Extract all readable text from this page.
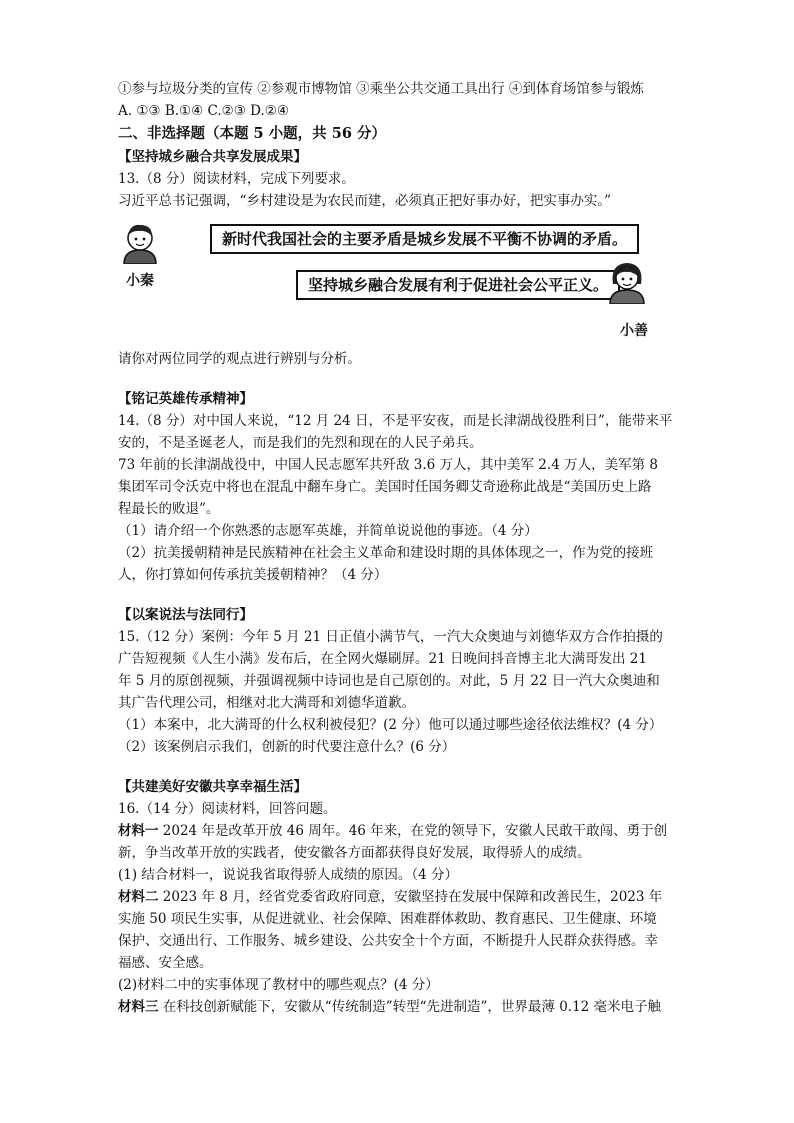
①参与垃圾分类的宣传 ②参观市博物馆 ③乘坐公共交通工具出行 ④到体育场馆参与锻炼
A. ①③ B.①④ C.②③ D.②④
二、非选择题（本题 5 小题，共 56 分）
【坚持城乡融合共享发展成果】
13.（8 分）阅读材料，完成下列要求。
习近平总书记强调，“乡村建设是为农民而建，必须真正把好事办好，把实事办实。”
小秦
新时代我国社会的主要矛盾是城乡发展不平衡不协调的矛盾。
坚持城乡融合发展有利于促进社会公平正义。
小善
请你对两位同学的观点进行辨别与分析。
【铭记英雄传承精神】
14.（8 分）对中国人来说，“12 月 24 日，不是平安夜，而是长津湖战役胜利日”，能带来平
安的，不是圣诞老人，而是我们的先烈和现在的人民子弟兵。
73 年前的长津湖战役中，中国人民志愿军共歼敌 3.6 万人，其中美军 2.4 万人，美军第 8
集团军司令沃克中将也在混乱中翻车身亡。美国时任国务卿艾奇逊称此战是“美国历史上路
程最长的败退”。
（1）请介绍一个你熟悉的志愿军英雄，并简单说说他的事迹。（4 分）
（2）抗美援朝精神是民族精神在社会主义革命和建设时期的具体体现之一，作为党的接班
人，你打算如何传承抗美援朝精神？（4 分）
【以案说法与法同行】
15.（12 分）案例：今年 5 月 21 日正值小满节气，一汽大众奥迪与刘德华双方合作拍摄的
广告短视频《人生小满》发布后，在全网火爆刷屏。21 日晚间抖音博主北大满哥发出 21
年 5 月的原创视频，并强调视频中诗词也是自己原创的。对此，5 月 22 日一汽大众奥迪和
其广告代理公司，相继对北大满哥和刘德华道歉。
（1）本案中，北大满哥的什么权利被侵犯？(2 分）他可以通过哪些途径依法维权？(4 分）
（2）该案例启示我们，创新的时代要注意什么？(6 分）
【共建美好安徽共享幸福生活】
16.（14 分）阅读材料，回答问题。
材料一 2024 年是改革开放 46 周年。46 年来，在党的领导下，安徽人民敢干敢闯、勇于创
新，争当改革开放的实践者，使安徽各方面都获得良好发展，取得骄人的成绩。
(1) 结合材料一，说说我省取得骄人成绩的原因。（4 分）
材料二 2023 年 8 月，经省党委省政府同意，安徽坚持在发展中保障和改善民生，2023 年
实施 50 项民生实事，从促进就业、社会保障、困难群体救助、教育惠民、卫生健康、环境
保护、交通出行、工作服务、城乡建设、公共安全十个方面，不断提升人民群众获得感。幸
福感、安全感。
(2)材料二中的实事体现了教材中的哪些观点？(4 分）
材料三 在科技创新赋能下，安徽从“传统制造”转型“先进制造”，世界最薄 0.12 毫米电子触
